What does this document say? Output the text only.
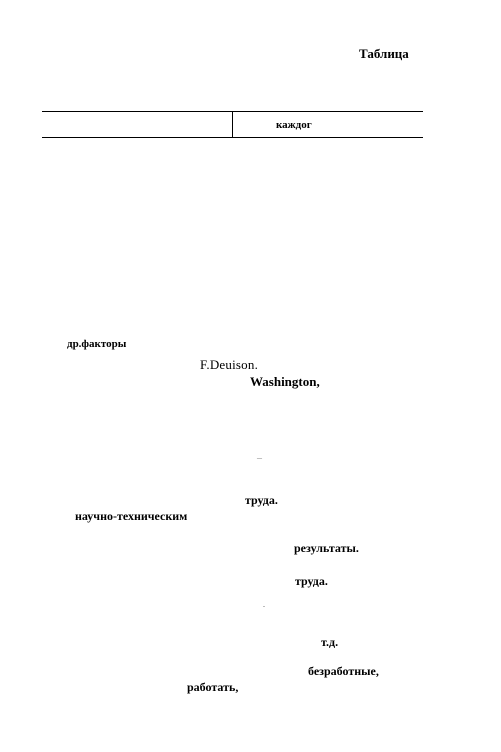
Таблица
каждог
др.факторы
F.Deuison.
Washington,
–
труда.
научно-техническим
результаты.
труда.
т.д.
безработные,
работать,
